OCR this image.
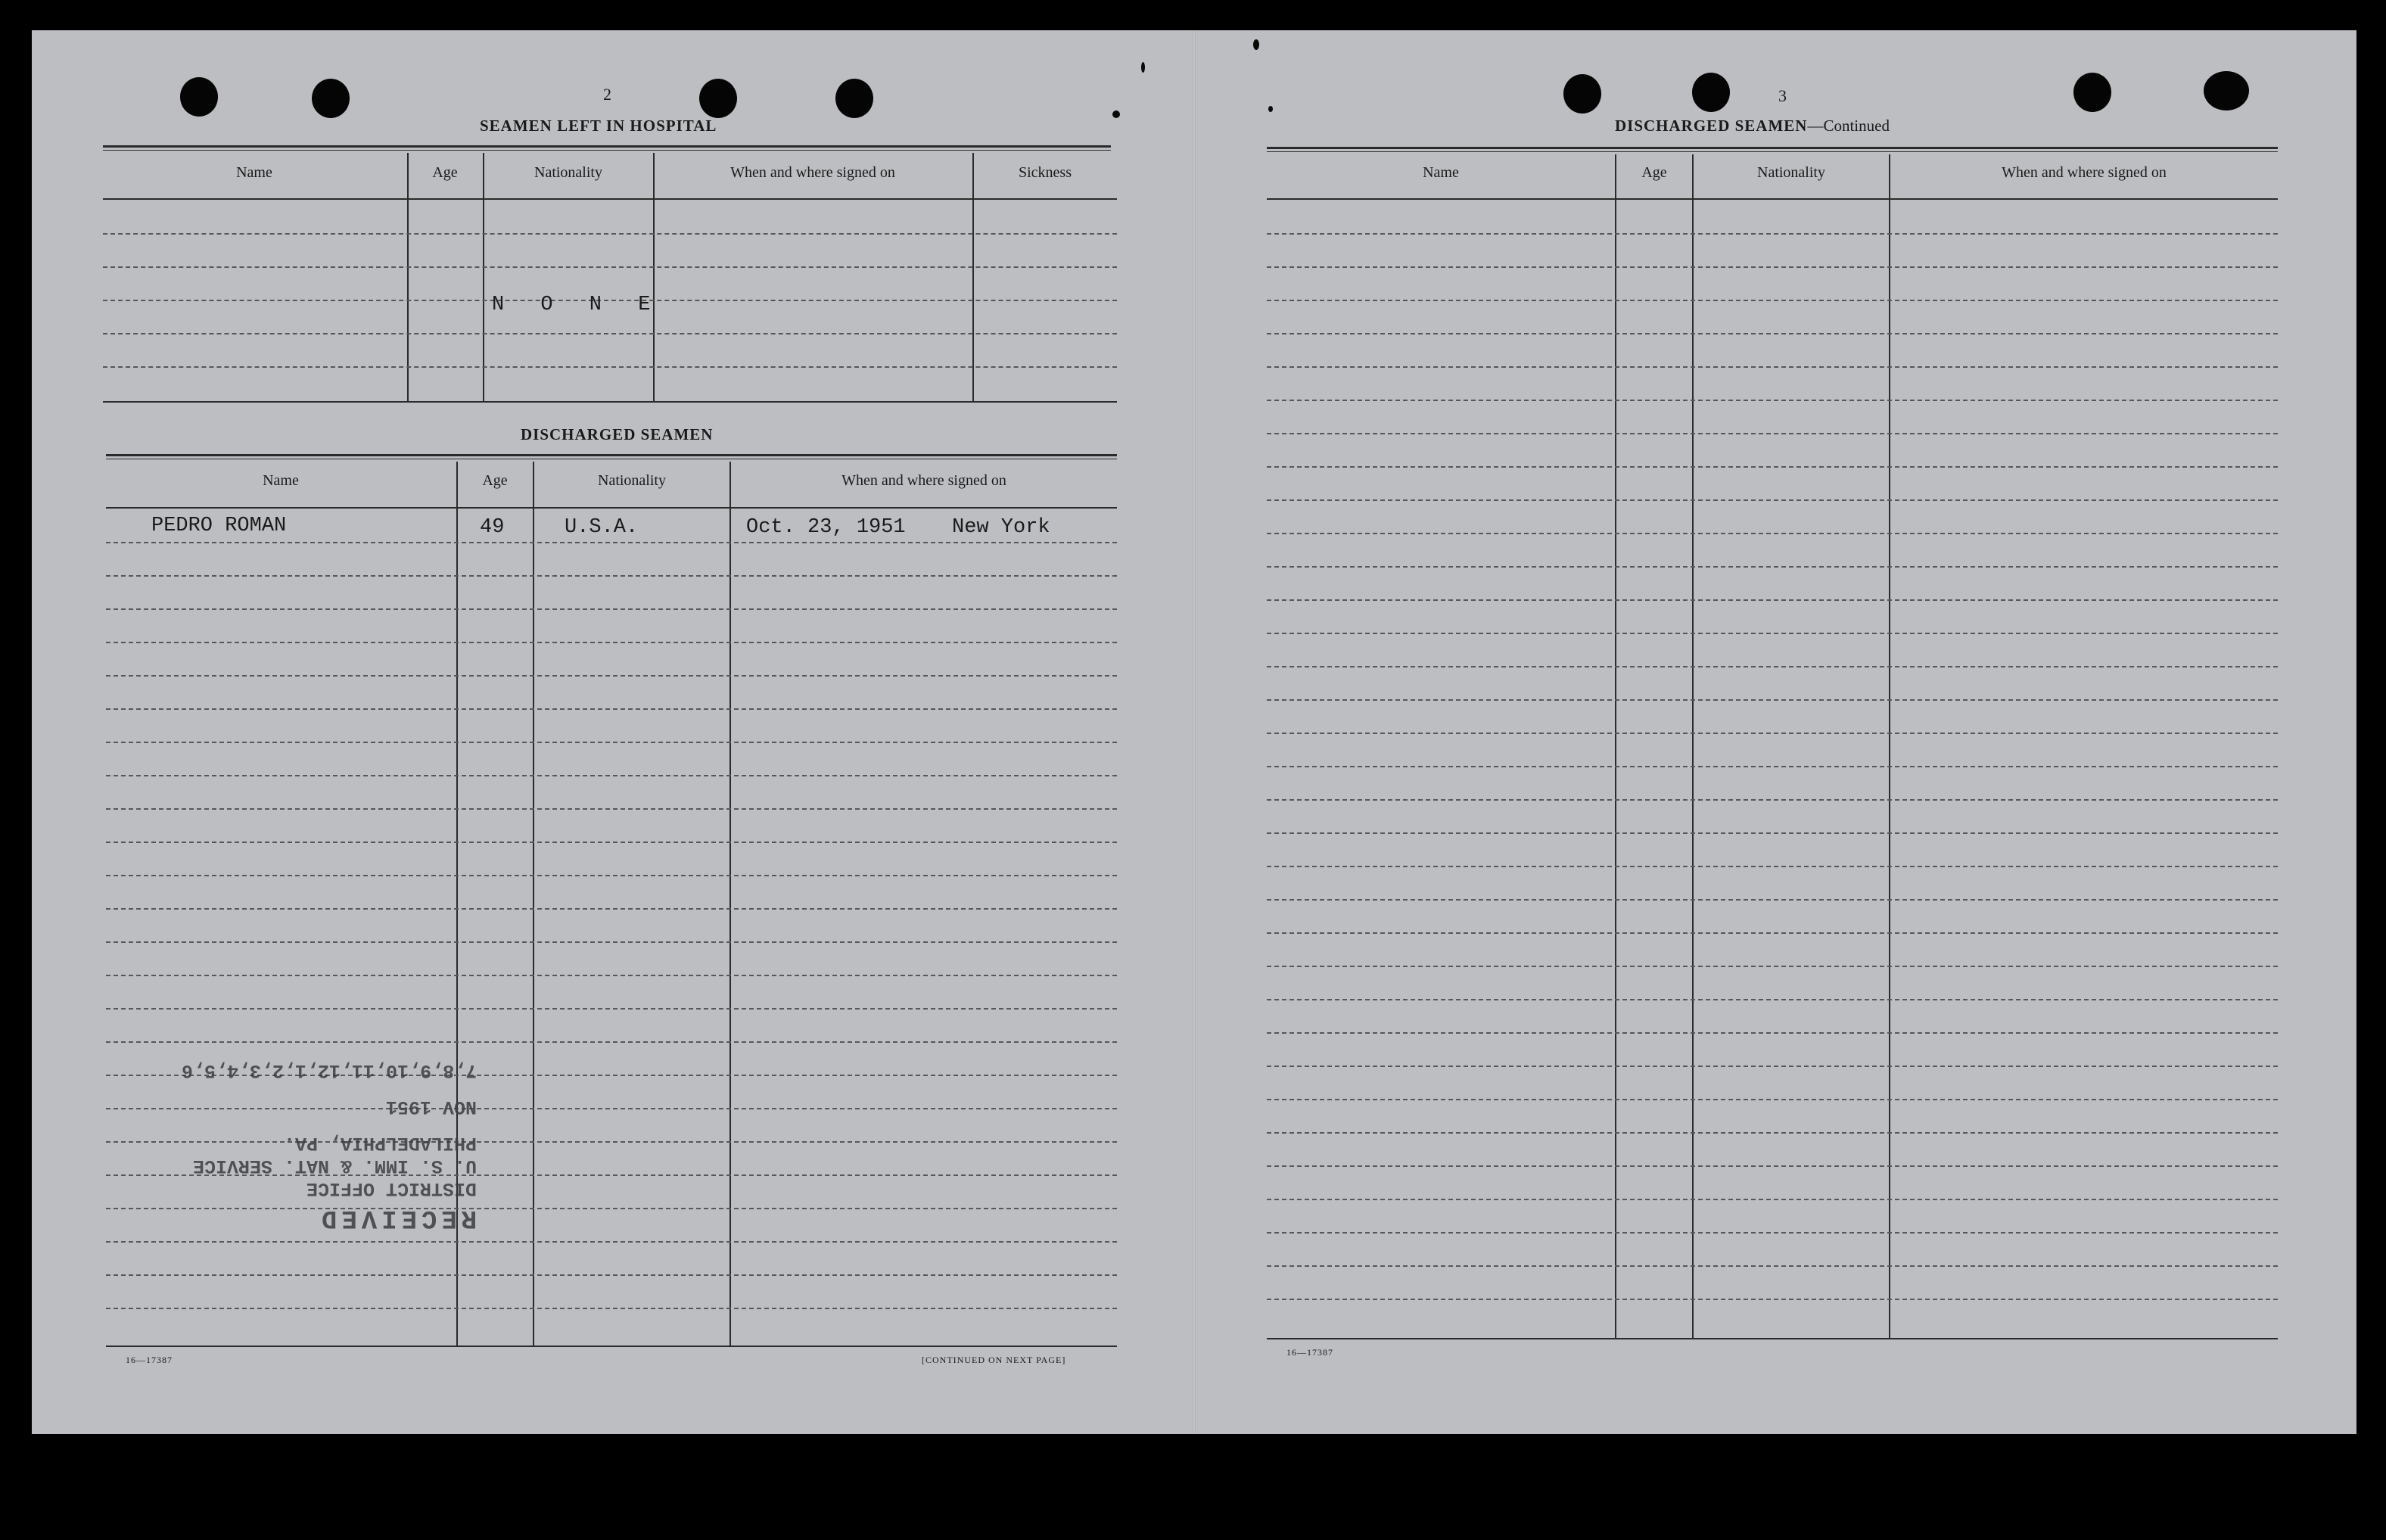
2
SEAMEN LEFT IN HOSPITAL
Name	Age	Nationality	When and where signed on	Sickness
N O N E
DISCHARGED SEAMEN
Name	Age	Nationality	When and where signed on
PEDRO ROMAN	49	U.S.A.	Oct. 23, 1951 New York
7,8,9,10,11,12,1,2,3,4,5,6
NOV 1951
PHILADELPHIA, PA.
U. S. IMM. & NAT. SERVICE
DISTRICT OFFICE
RECEIVED
16—17387	[CONTINUED ON NEXT PAGE]
3
DISCHARGED SEAMEN—Continued
Name	Age	Nationality	When and where signed on
16—17387
